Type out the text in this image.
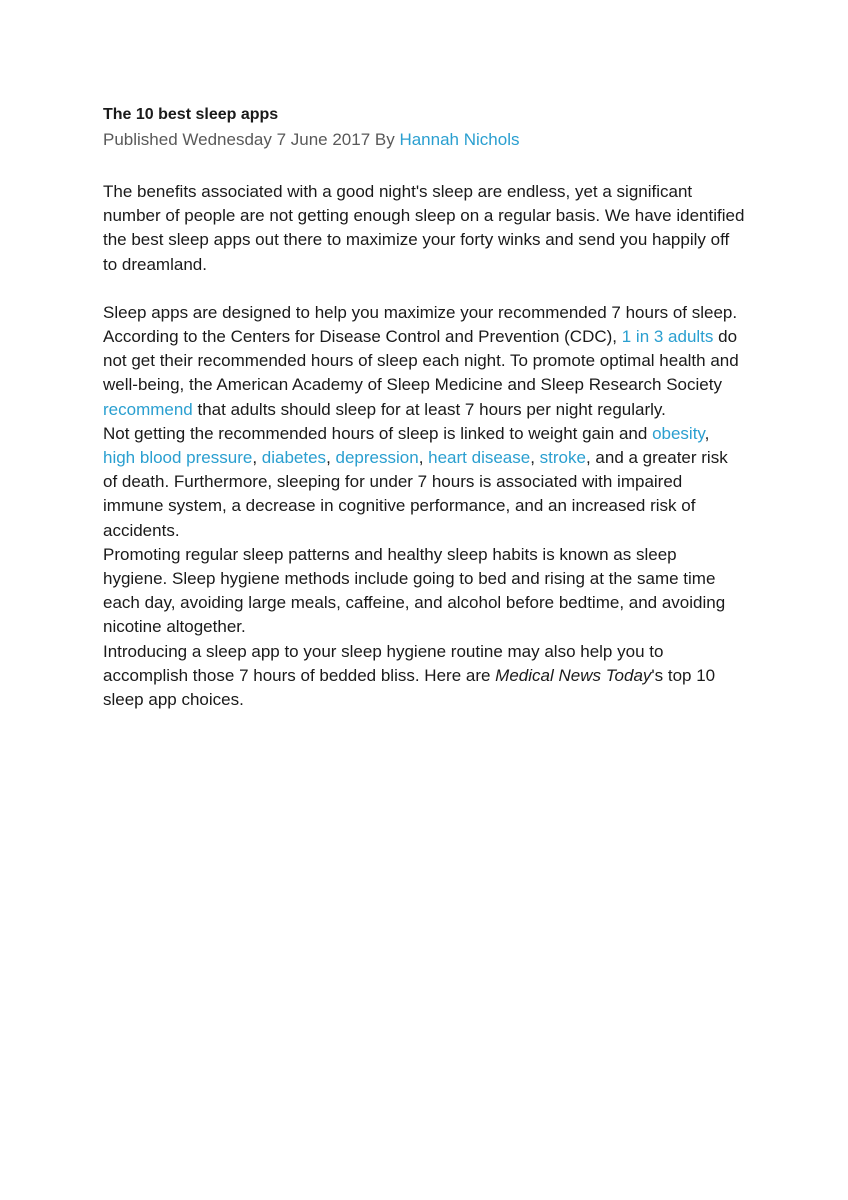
The 10 best sleep apps
Published Wednesday 7 June 2017 By Hannah Nichols

The benefits associated with a good night's sleep are endless, yet a significant number of people are not getting enough sleep on a regular basis. We have identified the best sleep apps out there to maximize your forty winks and send you happily off to dreamland.

Sleep apps are designed to help you maximize your recommended 7 hours of sleep.

According to the Centers for Disease Control and Prevention (CDC), 1 in 3 adults do not get their recommended hours of sleep each night. To promote optimal health and well-being, the American Academy of Sleep Medicine and Sleep Research Society recommend that adults should sleep for at least 7 hours per night regularly.

Not getting the recommended hours of sleep is linked to weight gain and obesity, high blood pressure, diabetes, depression, heart disease, stroke, and a greater risk of death. Furthermore, sleeping for under 7 hours is associated with impaired immune system, a decrease in cognitive performance, and an increased risk of accidents.

Promoting regular sleep patterns and healthy sleep habits is known as sleep hygiene. Sleep hygiene methods include going to bed and rising at the same time each day, avoiding large meals, caffeine, and alcohol before bedtime, and avoiding nicotine altogether.

Introducing a sleep app to your sleep hygiene routine may also help you to accomplish those 7 hours of bedded bliss. Here are Medical News Today's top 10 sleep app choices.
